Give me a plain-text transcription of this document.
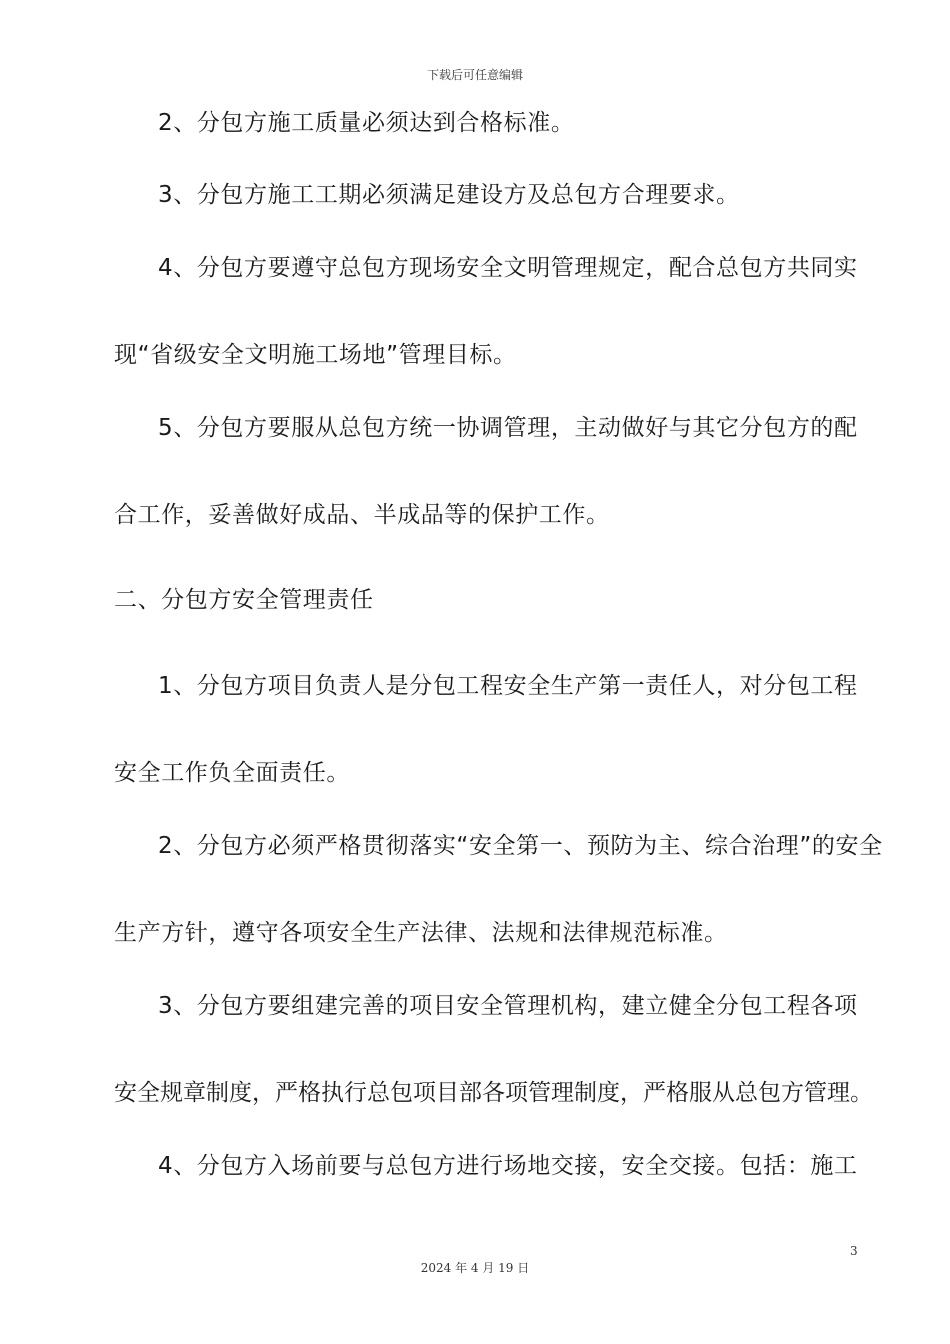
下载后可任意编辑
2、分包方施工质量必须达到合格标准。
3、分包方施工工期必须满足建设方及总包方合理要求。
4、分包方要遵守总包方现场安全文明管理规定，配合总包方共同实
现“省级安全文明施工场地”管理目标。
5、分包方要服从总包方统一协调管理，主动做好与其它分包方的配
合工作，妥善做好成品、半成品等的保护工作。
二、分包方安全管理责任
1、分包方项目负责人是分包工程安全生产第一责任人，对分包工程
安全工作负全面责任。
2、分包方必须严格贯彻落实“安全第一、预防为主、综合治理”的安全
生产方针，遵守各项安全生产法律、法规和法律规范标准。
3、分包方要组建完善的项目安全管理机构，建立健全分包工程各项
安全规章制度，严格执行总包项目部各项管理制度，严格服从总包方管理。
4、分包方入场前要与总包方进行场地交接，安全交接。包括：施工
3
2024 年 4 月 19 日
